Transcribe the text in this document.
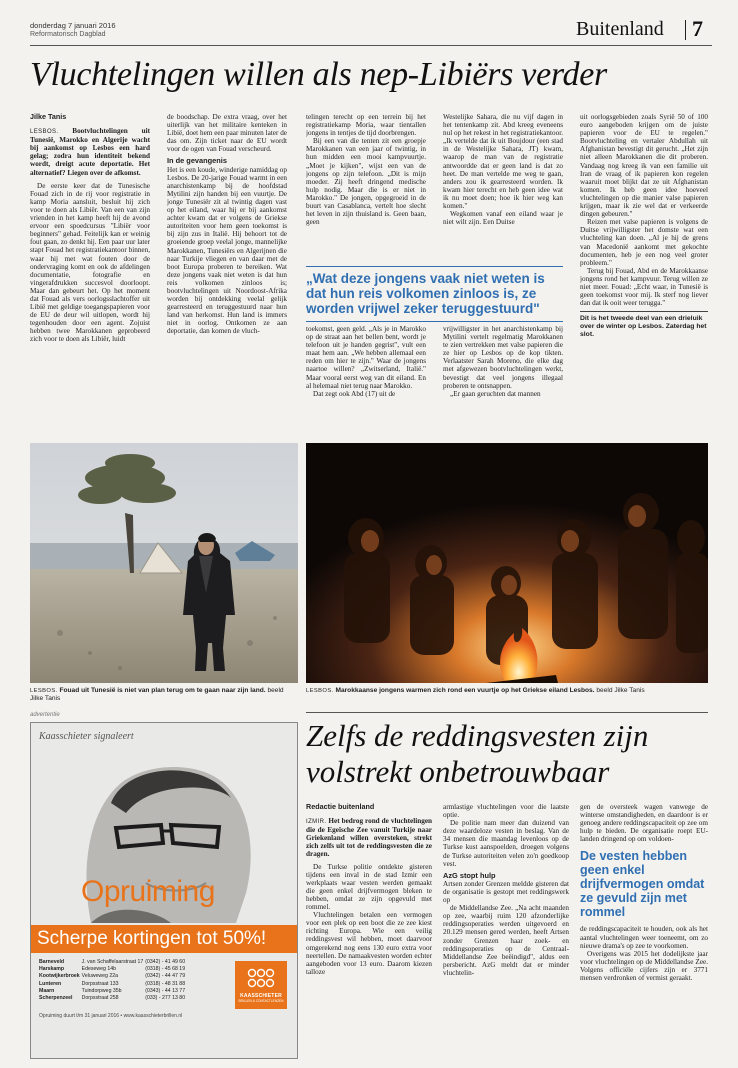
donderdag 7 januari 2016
Reformatorisch Dagblad	Buitenland 7
Vluchtelingen willen als nep-Libiërs verder

Jilke Tanis

LESBOS. Bootvluchtelingen uit Tunesië, Marokko en Algerije wacht bij aankomst op Lesbos een hard gelag; zodra hun identiteit bekend wordt, dreigt acute deportatie. Het alternatief? Liegen over de afkomst.

De eerste keer dat de Tunesische Fouad zich in de rij voor registratie in kamp Moria aansluit, besluit hij zich voor te doen als Libiër. Van een van zijn vrienden in het kamp heeft hij de avond ervoor een spoedcursus "Libiër voor beginners" gehad. Feitelijk kan er weinig fout gaan, zo denkt hij. Een paar uur later stapt Fouad het registratiekantoor binnen, waar hij met wat fouten door de ondervraging komt en ook de afdelingen documentatie, fotografie en vingerafdrukken succesvol doorloopt. Maar dan gebeurt het. Op het moment dat Fouad als vers oorlogsslachtoffer uit Libië met geldige toegangspapieren voor de EU de deur wil uitlopen, wordt hij tegenhouden door een agent. Zojuist hebben twee Marokkanen geprobeerd zich voor te doen als Libiër, luidt

de boodschap. De extra vraag, over het uiterlijk van het militaire kenteken in Libië, doet hem een paar minuten later de das om. Zijn ticket naar de EU wordt voor de ogen van Fouad verscheurd.

In de gevangenis

Het is een koude, winderige namiddag op Lesbos. De 20-jarige Fouad warmt in een anarchistenkamp bij de hoofdstad Mytilini zijn handen bij een vuurtje. De jonge Tunesiër zit al twintig dagen vast op het eiland, waar hij er bij aankomst achter kwam dat er volgens de Griekse autoriteiten voor hem geen toekomst is bij zijn zus in Italië. Hij behoort tot de groeiende groep veelal jonge, mannelijke Marokkanen, Tunesiërs en Algerijnen die naar Turkije vliegen en van daar met de boot Europa proberen te bereiken. Wat deze jongens vaak niet weten is dat hun reis volkomen zinloos is; bootvluchtelingen uit Noordoost-Afrika worden bij ontdekking veelal gelijk gearresteerd en teruggestuurd naar hun land van herkomst. Hun land is immers niet in oorlog. Ontkomen ze aan deportatie, dan komen de vluch-

telingen terecht op een terrein bij het registratiekamp Moria, waar tientallen jongens in tentjes de tijd doorbrengen.

Bij een van die tenten zit een groepje Marokkanen van een jaar of twintig, in hun midden een mooi kampvuurtje. „Moet je kijken", wijst een van de jongens op zijn telefoon. „Dit is mijn moeder. Zij heeft dringend medische hulp nodig. Maar die is er niet in Marokko." De jongen, opgegroeid in de buurt van Casablanca, vertelt hoe slecht het leven in zijn thuisland is. Geen baan, geen

Westelijke Sahara, die nu vijf dagen in het tentenkamp zit. Abd kreeg eveneens nul op het rekest in het registratiekantoor. „Ik vertelde dat ik uit Boujdour (een stad in de Westelijke Sahara, JT) kwam, waarop de man van de registratie antwoordde dat er geen land is dat zo heet. De man vertelde me weg te gaan, anders zou ik gearresteerd worden. Ik kwam hier terecht en heb geen idee wat ik nu moet doen; hoe ik hier weg kan komen."

Wegkomen vanaf een eiland waar je niet wilt zijn. Een Duitse

„Wat deze jongens vaak niet weten is dat hun reis volkomen zinloos is, ze worden vrijwel zeker teruggestuurd"

toekomst, geen geld. „Als je in Marokko op de straat aan het bellen bent, wordt je telefoon uit je handen gegrist", vult een maat hem aan. „We hebben allemaal een reden om hier te zijn." Waar de jongens naartoe willen? „Zwitserland, Italië." Maar vooral eerst weg van dit eiland. En al helemaal niet terug naar Marokko.

Dat zegt ook Abd (17) uit de

vrijwilligster in het anarchistenkamp bij Mytilini vertelt regelmatig Marokkanen te zien vertrekken met valse papieren die ze hier op Lesbos op de kop tikten. Verlaatster Sarah Moreno, die elke dag met afgewezen bootvluchtelingen werkt, bevestigt dat veel jongens illegaal proberen te ontsnappen.

„Er gaan geruchten dat mannen

uit oorlogsgebieden zoals Syrië 50 of 100 euro aangeboden krijgen om de juiste papieren voor de EU te regelen." Bootvluchteling en vertaler Abdullah uit Afghanistan bevestigt dit gerucht. „Het zijn niet alleen Marokkanen die dit proberen. Vandaag nog kreeg ik van een familie uit Iran de vraag of ik papieren kon regelen waaruit moet blijkt dat ze uit Afghanistan komen. Ik heb geen idee hoeveel vluchtelingen op die manier valse papieren krijgen, maar ik zie wel dat er verkeerde dingen gebeuren."

Reizen met valse papieren is volgens de Duitse vrijwilligster het domste wat een vluchteling kan doen. „Al je hij de grens van Macedonië aankomt met gekochte documenten, heb je een nog veel groter probleem."

Terug bij Fouad, Abd en de Marokkaanse jongens rond het kampvuur. Terug willen ze niet meer. Fouad: „Echt waar, in Tunesië is geen toekomst voor mij. Ik sterf nog liever dan dat ik ooit weer terugga."

Dit is het tweede deel van een drieluik over de winter op Lesbos. Zaterdag het slot.

LESBOS. Fouad uit Tunesië is niet van plan terug om te gaan naar zijn land. beeld Jilke Tanis
LESBOS. Marokkaanse jongens warmen zich rond een vuurtje op het Griekse eiland Lesbos. beeld Jilke Tanis
advertentie
Kaasschieter signaleert
Opruiming
Scherpe kortingen tot 50%!
Barneveld	J. van Schaffelaarstraat 17	(0342) - 41 49 60
Harskamp	Edeseweg 14b	(0318) - 45 68 19
Kootwijkerbroek	Veluweweg 22a	(0342) - 44 47 79
Lunteren	Dorpsstraat 133	(0318) - 48 31 88
Maarn	Tuindorpweg 35b	(0343) - 44 13 77
Scherpenzeel	Dorpsstraat 258	(033) - 277 13 80	KAASSCHIETER
BRILLEN & CONTACTLENZEN
Opruiming duurt t/m 31 januari 2016 • www.kaasschieterbrillen.nl
Zelfs de reddingsvesten zijn
volstrekt onbetrouwbaar

Redactie buitenland

IZMIR. Het bedrog rond de vluchtelingen die de Egeïsche Zee vanuit Turkije naar Griekenland willen oversteken, strekt zich zelfs uit tot de reddingsvesten die ze dragen.

De Turkse politie ontdekte gisteren tijdens een inval in de stad Izmir een werkplaats waar vesten werden gemaakt die geen enkel drijfvermogen bleken te hebben, omdat ze zijn opgevuld met rommel.

Vluchtelingen betalen een vermogen voor een plek op een boot die ze zee kiest richting Europa. Wie een veilig reddingsvest wil hebben, moet daarvoor omgerekend nog eens 130 euro extra voor neertellen. De namaakvesten worden echter aangeboden voor 13 euro. Daarom kiezen talloze

armlastige vluchtelingen voor die laatste optie.

De politie nam meer dan duizend van deze waardeloze vesten in beslag. Van de 34 mensen die maandag levenloos op de Turkse kust aanspoelden, droegen volgens de Turkse autoriteiten velen zo'n goedkoop vest.

AzG stopt hulp

Artsen zonder Grenzen meldde gisteren dat de organisatie is gestopt met reddingswerk op

de Middellandse Zee. „Na acht maanden op zee, waarbij ruim 120 afzonderlijke reddingsoperaties werden uitgevoerd en 20.129 mensen gered werden, heeft Artsen zonder Grenzen haar zoek- en reddingsoperaties op de Centraal-Middellandse Zee beëindigd", aldus een persbericht. AzG meldt dat er minder vluchtelin-

gen de oversteek wagen vanwege de winterse omstandigheden, en daardoor is er genoeg andere reddingscapaciteit op zee om hulp te bieden. De organisatie roept EU-landen dringend op om voldoen-

De vesten hebben geen enkel drijfvermogen omdat ze gevuld zijn met rommel

de reddingscapaciteit te houden, ook als het aantal vluchtelingen weer toeneemt, om zo nieuwe drama's op zee te voorkomen.

Overigens was 2015 het dodelijkste jaar voor vluchtelingen op de Middellandse Zee. Volgens officiële cijfers zijn er 3771 mensen verdronken of vermist geraakt.
